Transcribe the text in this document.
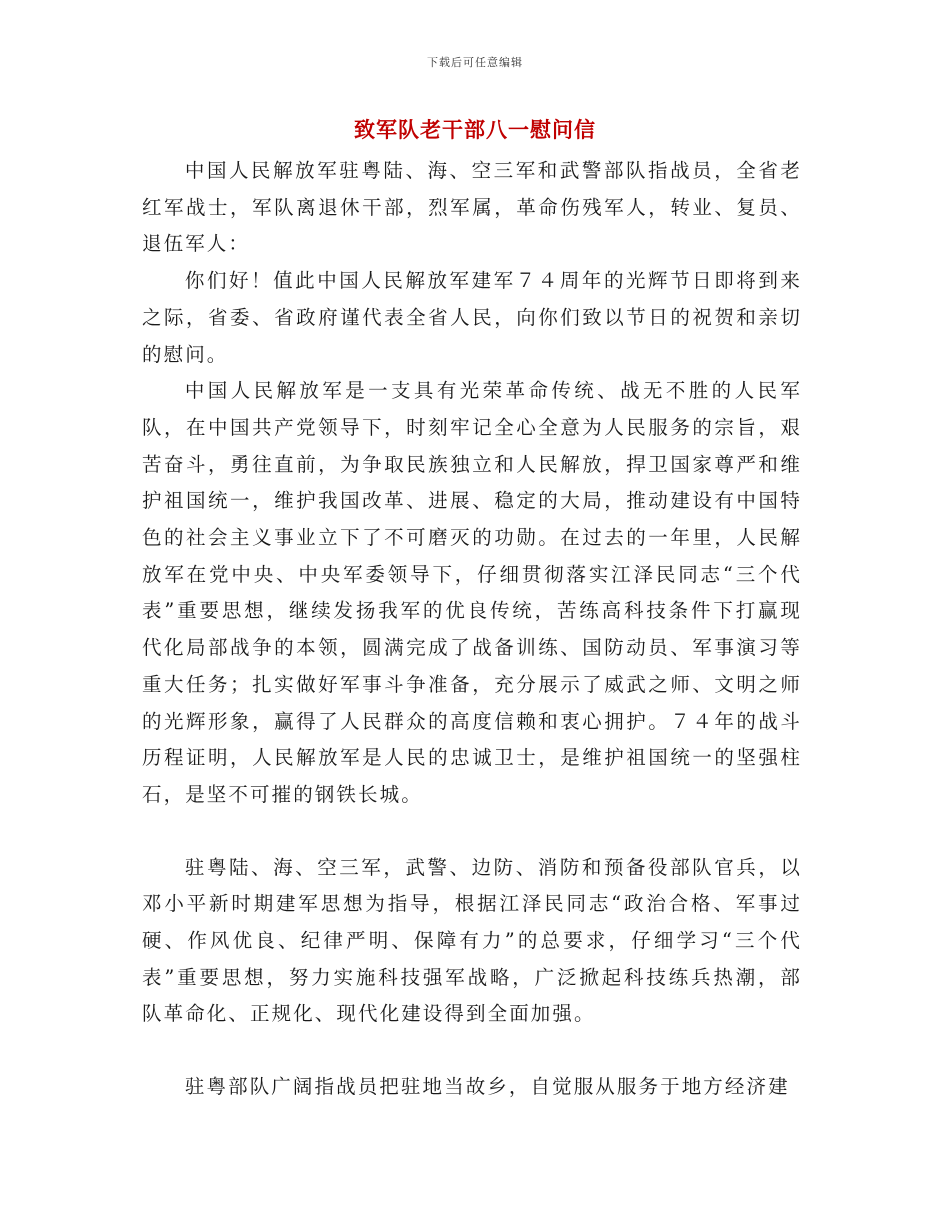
下载后可任意编辑
致军队老干部八一慰问信

中国人民解放军驻粤陆、海、空三军和武警部队指战员，全省老红军战士，军队离退休干部，烈军属，革命伤残军人，转业、复员、退伍军人：

你们好！值此中国人民解放军建军７４周年的光辉节日即将到来之际，省委、省政府谨代表全省人民，向你们致以节日的祝贺和亲切的慰问。

中国人民解放军是一支具有光荣革命传统、战无不胜的人民军队，在中国共产党领导下，时刻牢记全心全意为人民服务的宗旨，艰苦奋斗，勇往直前，为争取民族独立和人民解放，捍卫国家尊严和维护祖国统一，维护我国改革、进展、稳定的大局，推动建设有中国特色的社会主义事业立下了不可磨灭的功勋。在过去的一年里，人民解放军在党中央、中央军委领导下，仔细贯彻落实江泽民同志“三个代表”重要思想，继续发扬我军的优良传统，苦练高科技条件下打赢现代化局部战争的本领，圆满完成了战备训练、国防动员、军事演习等重大任务；扎实做好军事斗争准备，充分展示了威武之师、文明之师的光辉形象，赢得了人民群众的高度信赖和衷心拥护。７４年的战斗历程证明，人民解放军是人民的忠诚卫士，是维护祖国统一的坚强柱石，是坚不可摧的钢铁长城。

驻粤陆、海、空三军，武警、边防、消防和预备役部队官兵，以邓小平新时期建军思想为指导，根据江泽民同志“政治合格、军事过硬、作风优良、纪律严明、保障有力”的总要求，仔细学习“三个代表”重要思想，努力实施科技强军战略，广泛掀起科技练兵热潮，部队革命化、正规化、现代化建设得到全面加强。

驻粤部队广阔指战员把驻地当故乡，自觉服从服务于地方经济建
